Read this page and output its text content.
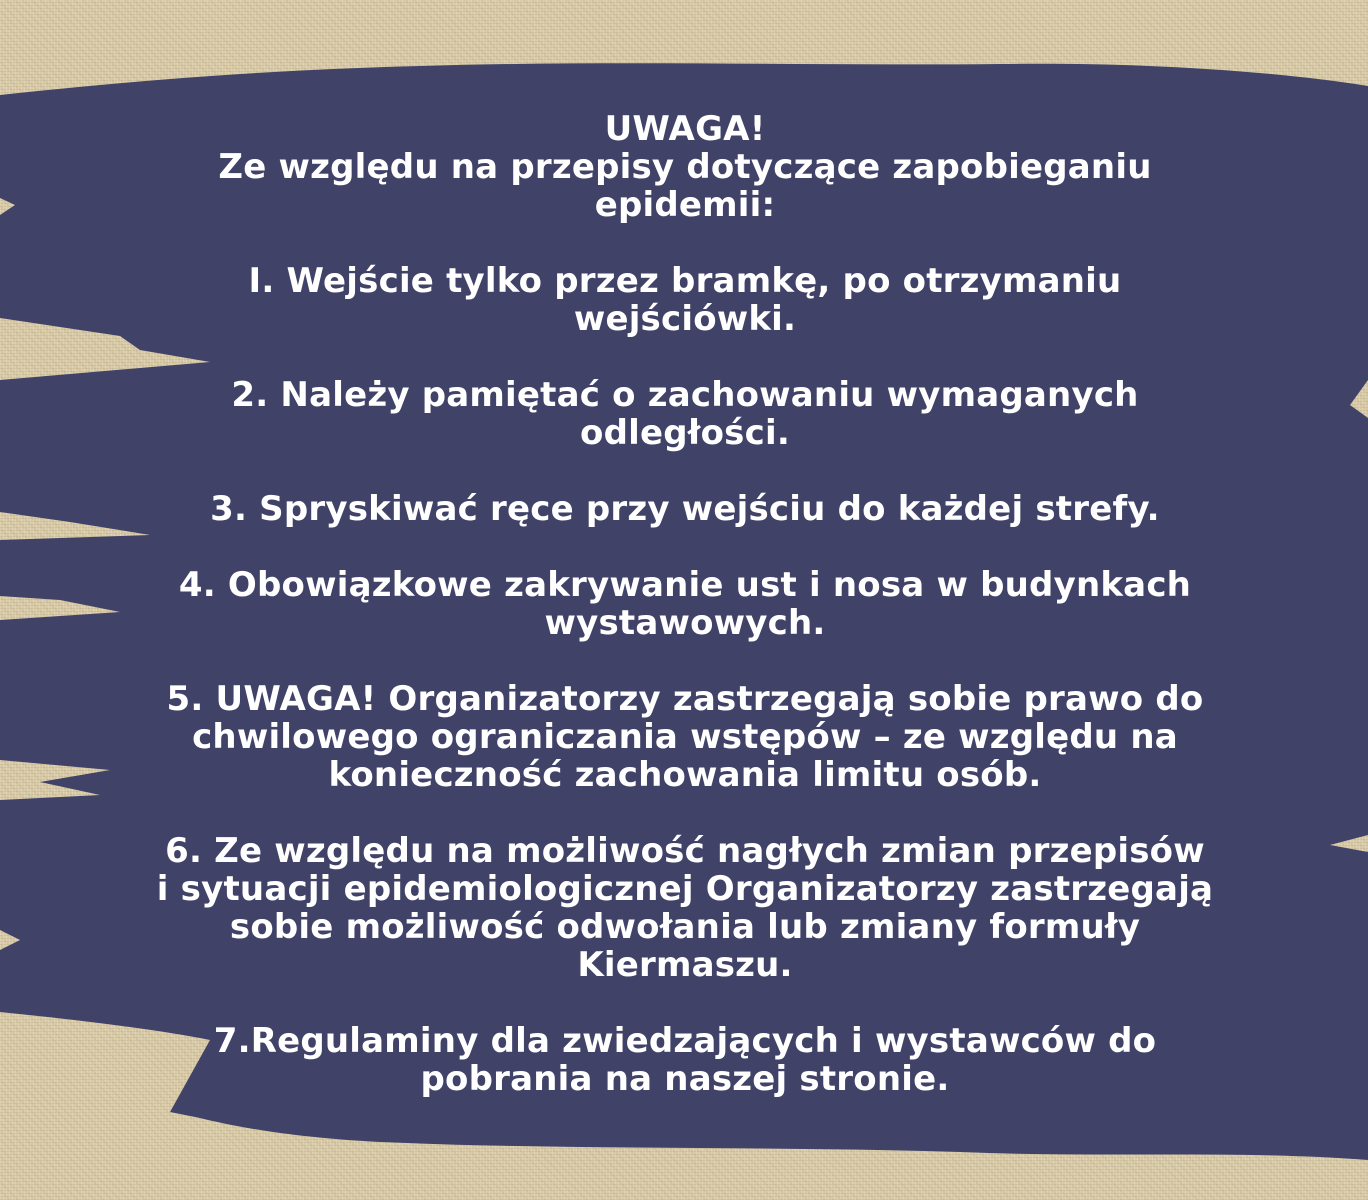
UWAGA!
Ze względu na przepisy dotyczące zapobieganiu
epidemii:
I. Wejście tylko przez bramkę, po otrzymaniu
wejściówki.
2. Należy pamiętać o zachowaniu wymaganych
odległości.
3. Spryskiwać ręce przy wejściu do każdej strefy.
4. Obowiązkowe zakrywanie ust i nosa w budynkach
wystawowych.
5. UWAGA! Organizatorzy zastrzegają sobie prawo do
chwilowego ograniczania wstępów – ze względu na
konieczność zachowania limitu osób.
6. Ze względu na możliwość nagłych zmian przepisów
i sytuacji epidemiologicznej Organizatorzy zastrzegają
sobie możliwość odwołania lub zmiany formuły
Kiermaszu.
7.Regulaminy dla zwiedzających i wystawców do
pobrania na naszej stronie.
